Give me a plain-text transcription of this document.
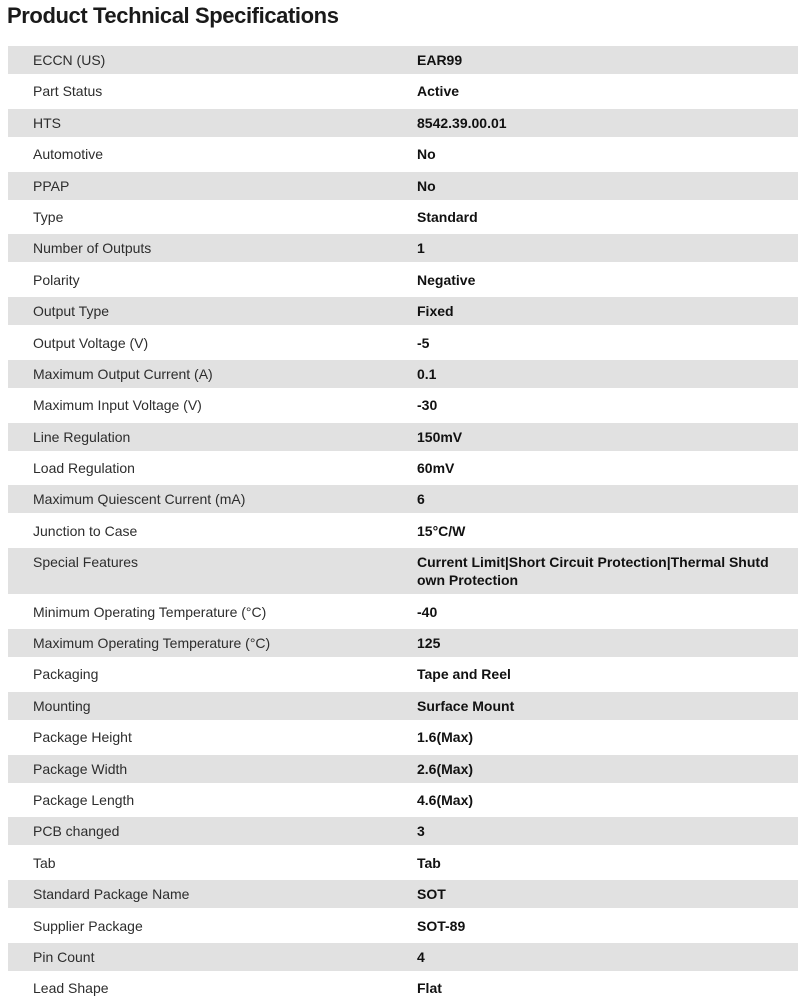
Product Technical Specifications
ECCN (US)	EAR99
Part Status	Active
HTS	8542.39.00.01
Automotive	No
PPAP	No
Type	Standard
Number of Outputs	1
Polarity	Negative
Output Type	Fixed
Output Voltage (V)	-5
Maximum Output Current (A)	0.1
Maximum Input Voltage (V)	-30
Line Regulation	150mV
Load Regulation	60mV
Maximum Quiescent Current (mA)	6
Junction to Case	15°C/W
Special Features	Current Limit|Short Circuit Protection|Thermal Shutdown Protection
Minimum Operating Temperature (°C)	-40
Maximum Operating Temperature (°C)	125
Packaging	Tape and Reel
Mounting	Surface Mount
Package Height	1.6(Max)
Package Width	2.6(Max)
Package Length	4.6(Max)
PCB changed	3
Tab	Tab
Standard Package Name	SOT
Supplier Package	SOT-89
Pin Count	4
Lead Shape	Flat
